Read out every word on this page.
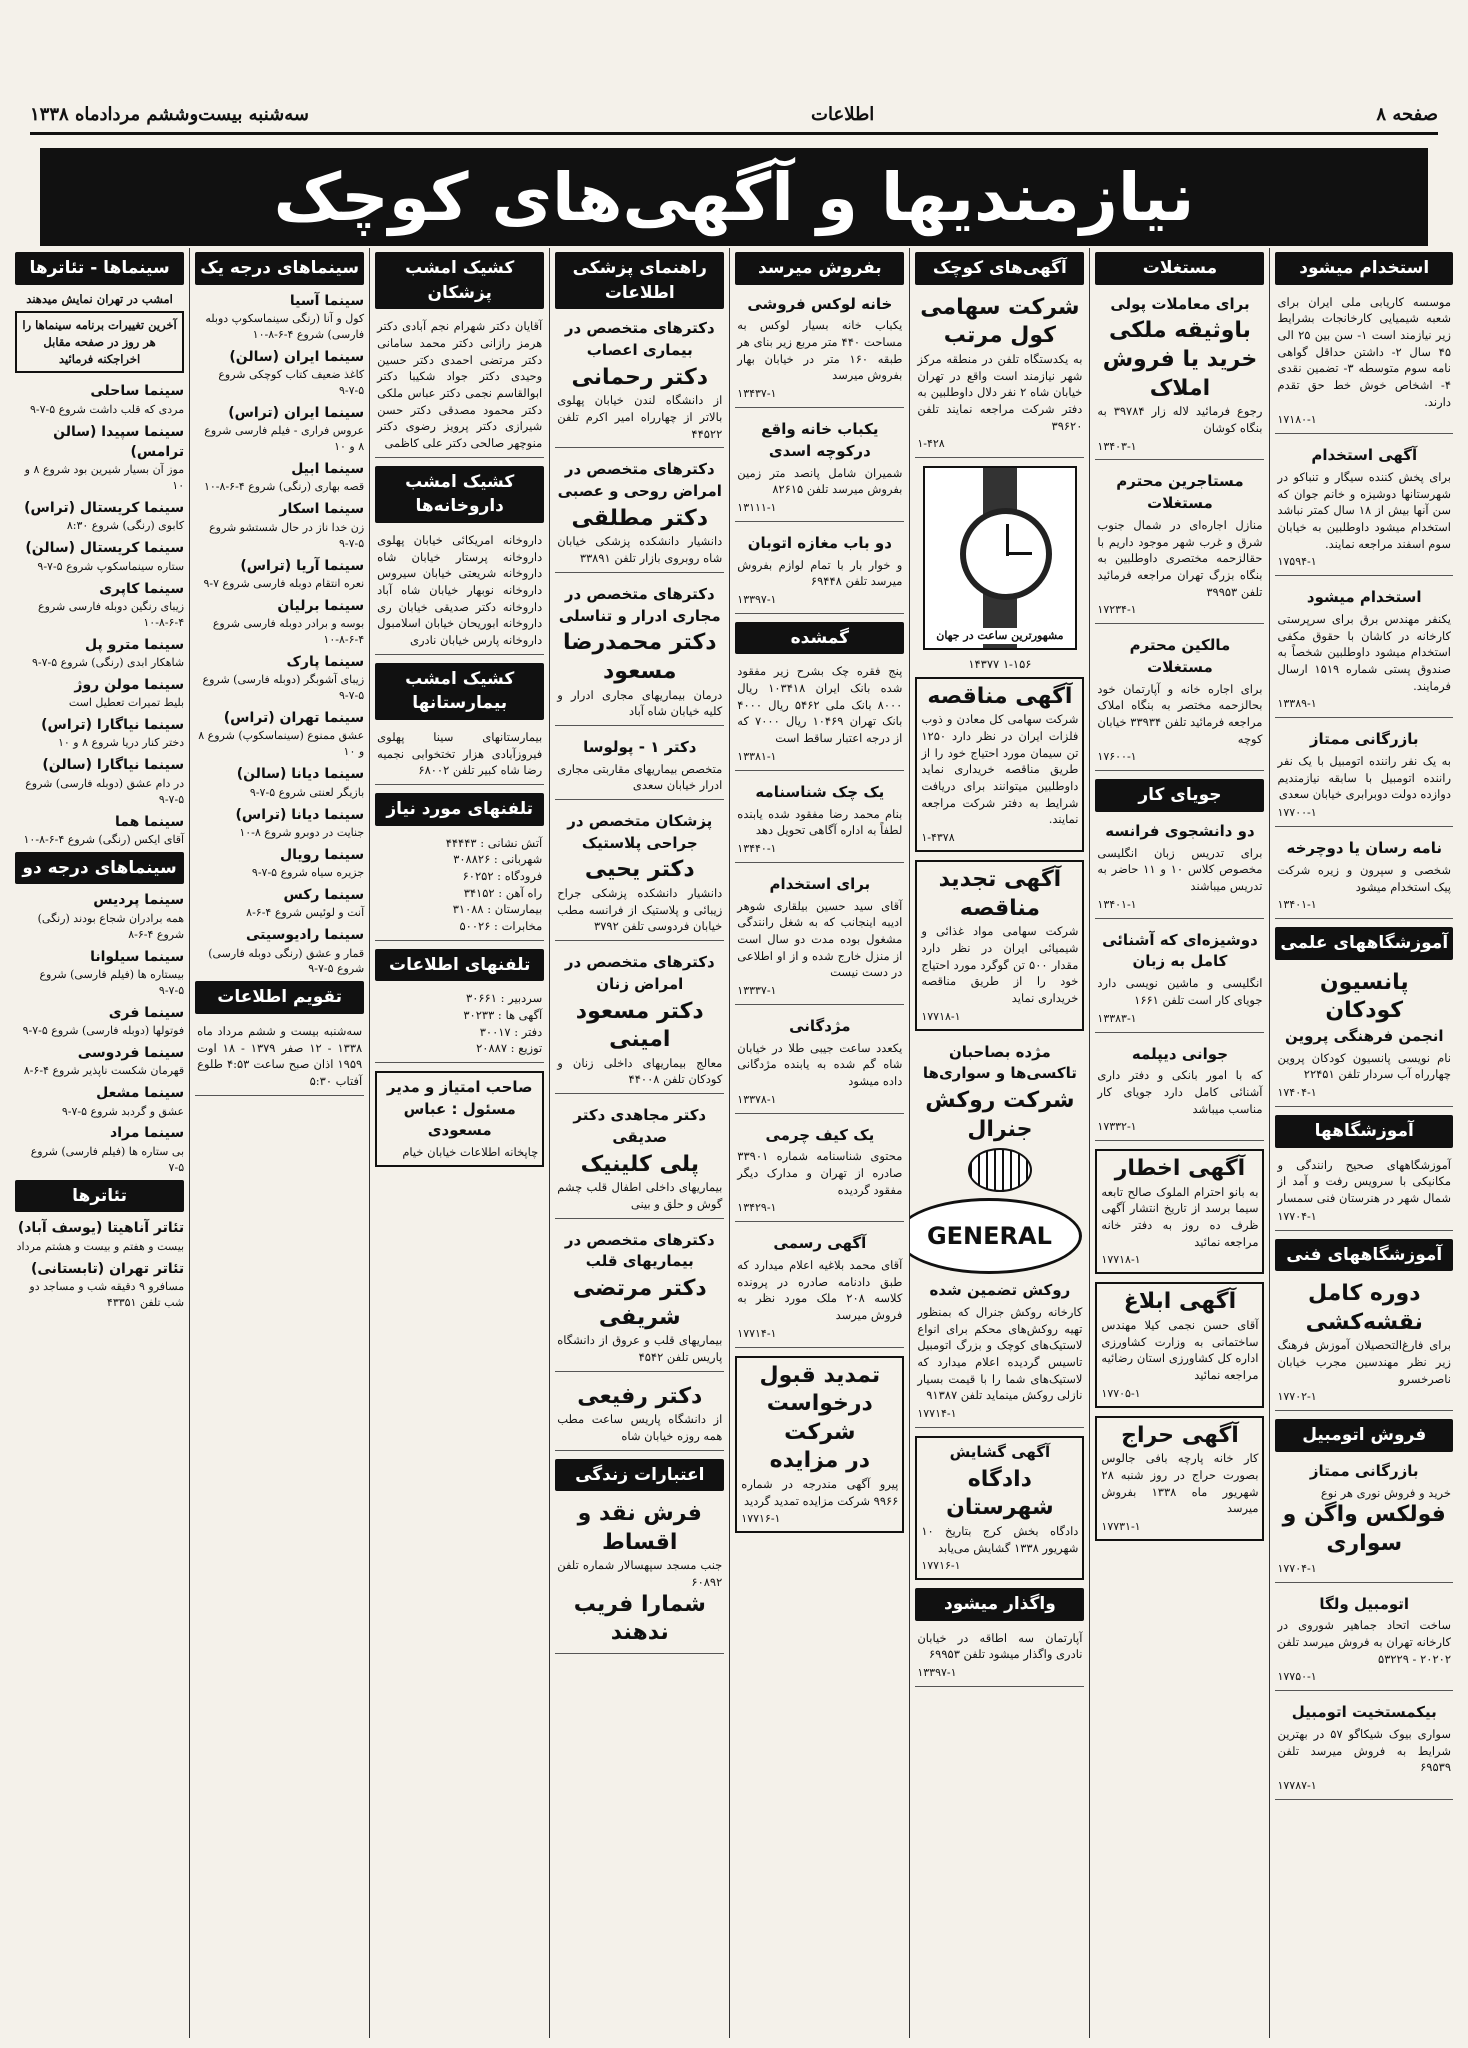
صفحه ۸
اطلاعات
سه‌شنبه بیست‌وششم مردادماه ۱۳۳۸
نیازمندیها و آگهی‌های کوچک
استخدام میشود
موسسه کاریابی ملی ایران برای شعبه شیمیایی کارخانجات بشرایط زیر نیازمند است ۱- سن بین ۲۵ الی ۴۵ سال ۲- داشتن حداقل گواهی نامه سوم متوسطه ۳- تضمین نقدی ۴- اشخاص خوش خط حق تقدم دارند.
۱۷۱۸۰-۱
آگهی استخدام
برای پخش کننده سیگار و تنباکو در شهرستانها دوشیزه و خانم جوان که سن آنها بیش از ۱۸ سال کمتر نباشد استخدام میشود داوطلبین به خیابان سوم اسفند مراجعه نمایند.
۱۷۵۹۴-۱
استخدام میشود
یکنفر مهندس برق برای سرپرستی کارخانه در کاشان با حقوق مکفی استخدام میشود داوطلبین شخصاً به صندوق پستی شماره ۱۵۱۹ ارسال فرمایند.
۱۳۳۸۹-۱
بازرگانی ممتاز
به یک نفر راننده اتومبیل با یک نفر راننده اتومبیل با سابقه نیازمندیم دوازده دولت دوبرابری خیابان سعدی
۱۷۷۰۰-۱
نامه رسان یا دوچرخه
شخصی و سپرون و زیره شرکت پیک استخدام میشود
۱۳۴۰۱-۱
آموزشگاههای علمی
پانسیون کودکان
انجمن فرهنگی پروین
نام نویسی پانسیون کودکان پروین چهارراه آب سردار تلفن ۲۲۴۵۱
۱۷۴۰۴-۱
آموزشگاهها
آموزشگاههای صحیح رانندگی و مکانیکی با سرویس رفت و آمد از شمال شهر در هنرستان فنی سمسار
۱۷۷۰۴-۱
آموزشگاههای فنی
دوره کامل نقشه‌کشی
برای فارغ‌التحصیلان آموزش فرهنگ زیر نظر مهندسین مجرب خیابان ناصرخسرو
۱۷۷۰۲-۱
فروش اتومبیل
بازرگانی ممتاز
خرید و فروش نوری هر نوع
فولکس واگن و سواری
۱۷۷۰۴-۱
اتومبیل ولگا
ساخت اتحاد جماهیر شوروی در کارخانه تهران به فروش میرسد تلفن ۲۰۲۰۲ - ۵۳۲۲۹
۱۷۷۵۰-۱
بیکمستخیت اتومبیل
سواری بیوک شیکاگو ۵۷ در بهترین شرایط به فروش میرسد تلفن ۶۹۵۳۹
۱۷۷۸۷-۱
مستغلات
برای معاملات پولی
باوثیقه ملکی خرید یا فروش املاک
رجوع فرمائید لاله زار ۳۹۷۸۴ به بنگاه کوشان
۱۳۴۰۳-۱
مستاجرین محترم مستغلات
منازل اجاره‌ای در شمال جنوب شرق و غرب شهر موجود داریم با حقالزحمه مختصری داوطلبین به بنگاه بزرگ تهران مراجعه فرمائید تلفن ۳۹۹۵۳
۱۷۲۳۴-۱
مالکین محترم مستغلات
برای اجاره خانه و آپارتمان خود بحالزحمه مختصر به بنگاه املاک مراجعه فرمائید تلفن ۳۳۹۳۴ خیابان کوچه
۱۷۶۰۰-۱
جویای کار
دو دانشجوی فرانسه
برای تدریس زبان انگلیسی مخصوص کلاس ۱۰ و ۱۱ حاضر به تدریس میباشند
۱۳۴۰۱-۱
دوشیزه‌ای که آشنائی کامل به زبان
انگلیسی و ماشین نویسی دارد جویای کار است تلفن ۱۶۶۱
۱۳۳۸۳-۱
جوانی دیپلمه
که با امور بانکی و دفتر داری آشنائی کامل دارد جویای کار مناسب میباشد
۱۷۳۳۲-۱
آگهی اخطار
به بانو احترام الملوک صالح تابعه سیما برسد از تاریخ انتشار آگهی ظرف ده روز به دفتر خانه مراجعه نمائید
۱۷۷۱۸-۱
آگهی ابلاغ
آقای حسن نجمی کیلا مهندس ساختمانی به وزارت کشاورزی اداره کل کشاورزی استان رضائیه مراجعه نمائید
۱۷۷۰۵-۱
آگهی حراج
کار خانه پارچه بافی جالوس بصورت حراج در روز شنبه ۲۸ شهریور ماه ۱۳۳۸ بفروش میرسد
۱۷۷۳۱-۱
آگهی‌های کوچک
شرکت سهامی کول مرتب
به یکدستگاه تلفن در منطقه مرکز شهر نیازمند است واقع در تهران خیابان شاه ۲ نفر دلال داوطلبین به دفتر شرکت مراجعه نمایند تلفن ۳۹۶۲۰
۱-۴۲۸
مشهورترین ساعت در جهان
۱-۱۵۶ ۱۴۳۷۷
آگهی مناقصه
شرکت سهامی کل معادن و ذوب فلزات ایران در نظر دارد ۱۲۵۰ تن سیمان مورد احتیاج خود را از طریق مناقصه خریداری نماید داوطلبین میتوانند برای دریافت شرایط به دفتر شرکت مراجعه نمایند.
۱-۴۳۷۸
آگهی تجدید مناقصه
شرکت سهامی مواد غذائی و شیمیائی ایران در نظر دارد مقدار ۵۰۰ تن گوگرد مورد احتیاج خود را از طریق مناقصه خریداری نماید
۱۷۷۱۸-۱
مژده بصاحبان تاکسی‌ها و سواری‌ها
شرکت روکش جنرال
GENERAL
روکش تضمین شده
کارخانه روکش جنرال که بمنظور تهیه روکش‌های محکم برای انواع لاستیک‌های کوچک و بزرگ اتومبیل تاسیس گردیده اعلام میدارد که لاستیک‌های شما را با قیمت بسیار نازلی روکش مینماید تلفن ۹۱۳۸۷
۱۷۷۱۴-۱
آگهی گشایش
دادگاه شهرستان
دادگاه بخش کرج بتاریخ ۱۰ شهریور ۱۳۳۸ گشایش می‌یابد
۱۷۷۱۶-۱
واگذار میشود
آپارتمان سه اطاقه در خیابان نادری واگذار میشود تلفن ۶۹۹۵۳
۱۳۳۹۷-۱
بفروش میرسد
خانه لوکس فروشی
یکباب خانه بسیار لوکس به مساحت ۴۴۰ متر مربع زیر بنای هر طبقه ۱۶۰ متر در خیابان بهار بفروش میرسد
۱۳۴۳۷-۱
یکباب خانه واقع درکوچه اسدی
شمیران شامل پانصد متر زمین بفروش میرسد تلفن ۸۲۶۱۵
۱۳۱۱۱-۱
دو باب مغازه اتوبان
و خوار بار با تمام لوازم بفروش میرسد تلفن ۶۹۴۴۸
۱۳۳۹۷-۱
گمشده
پنج فقره چک بشرح زیر مفقود شده بانک ایران ۱۰۳۴۱۸ ریال ۸۰۰۰ بانک ملی ۵۴۶۲ ریال ۴۰۰۰ بانک تهران ۱۰۴۶۹ ریال ۷۰۰۰ که از درجه اعتبار ساقط است
۱۳۳۸۱-۱
یک چک شناسنامه
بنام محمد رضا مفقود شده یابنده لطفاً به اداره آگاهی تحویل دهد
۱۳۴۴۰-۱
برای استخدام
آقای سید حسین بیلقاری شوهر ادیبه اینجانب که به شغل رانندگی مشغول بوده مدت دو سال است از منزل خارج شده و از او اطلاعی در دست نیست
۱۳۳۳۷-۱
مژدگانی
یکعدد ساعت جیبی طلا در خیابان شاه گم شده به یابنده مژدگانی داده میشود
۱۳۳۷۸-۱
یک کیف چرمی
محتوی شناسنامه شماره ۳۳۹۰۱ صادره از تهران و مدارک دیگر مفقود گردیده
۱۳۴۲۹-۱
آگهی رسمی
آقای محمد بلاغیه اعلام میدارد که طبق دادنامه صادره در پرونده کلاسه ۲۰۸ ملک مورد نظر به فروش میرسد
۱۷۷۱۴-۱
تمدید قبول درخواست شرکت
در مزایده
پیرو آگهی مندرجه در شماره ۹۹۶۶ شرکت مزایده تمدید گردید
۱۷۷۱۶-۱
راهنمای پزشکی اطلاعات
دکترهای متخصص در بیماری اعصاب
دکتر رحمانی
از دانشگاه لندن خیابان پهلوی بالاتر از چهارراه امیر اکرم تلفن ۴۴۵۲۲
دکترهای متخصص در امراض روحی و عصبی
دکتر مطلقی
دانشیار دانشکده پزشکی خیابان شاه روبروی بازار تلفن ۳۳۸۹۱
دکترهای متخصص در مجاری ادرار و تناسلی
دکتر محمدرضا مسعود
درمان بیماریهای مجاری ادرار و کلیه خیابان شاه آباد
دکتر ۱ - پولوسا
متخصص بیماریهای مقاربتی مجاری ادرار خیابان سعدی
پزشکان متخصص در جراحی پلاستیک
دکتر یحیی
دانشیار دانشکده پزشکی جراح زیبائی و پلاستیک از فرانسه مطب خیابان فردوسی تلفن ۳۷۹۲
دکترهای متخصص در امراض زنان
دکتر مسعود امینی
معالج بیماریهای داخلی زنان و کودکان تلفن ۴۴۰۰۸
دکتر مجاهدی دکتر صدیقی
پلی کلینیک
بیماریهای داخلی اطفال قلب چشم گوش و حلق و بینی
دکترهای متخصص در بیماریهای قلب
دکتر مرتضی شریفی
بیماریهای قلب و عروق از دانشگاه پاریس تلفن ۴۵۴۲
دکتر رفیعی
از دانشگاه پاریس ساعت مطب همه روزه خیابان شاه
اعتبارات زندگی
فرش نقد و اقساط
جنب مسجد سپهسالار شماره تلفن ۶۰۸۹۲
شمارا فریب ندهند
کشیک امشب پزشکان
آقایان دکتر شهرام نجم آبادی دکتر هرمز رازانی دکتر محمد سامانی دکتر مرتضی احمدی دکتر حسین وحیدی دکتر جواد شکیبا دکتر ابوالقاسم نجمی دکتر عباس ملکی دکتر محمود مصدقی دکتر حسن شیرازی دکتر پرویز رضوی دکتر منوچهر صالحی دکتر علی کاظمی
کشیک امشب داروخانه‌ها
داروخانه امریکائی خیابان پهلوی داروخانه پرستار خیابان شاه داروخانه شریعتی خیابان سیروس داروخانه نوبهار خیابان شاه آباد داروخانه دکتر صدیقی خیابان ری داروخانه ابوریحان خیابان اسلامبول داروخانه پارس خیابان نادری
کشیک امشب بیمارستانها
بیمارستانهای سینا پهلوی فیروزآبادی هزار تختخوابی نجمیه رضا شاه کبیر تلفن ۶۸۰۰۲
تلفنهای مورد نیاز
آتش نشانی : ۴۴۴۴۳
شهربانی : ۳۰۸۸۲۶
فرودگاه : ۶۰۲۵۲
راه آهن : ۳۴۱۵۲
بیمارستان : ۳۱۰۸۸
مخابرات : ۵۰۰۲۶
تلفنهای اطلاعات
سردبیر : ۳۰۶۶۱
آگهی ها : ۳۰۲۳۳
دفتر : ۳۰۰۱۷
توزیع : ۲۰۸۸۷
صاحب امتیاز و مدیر مسئول : عباس مسعودی
چاپخانه اطلاعات خیابان خیام
سینماهای درجه یک
سینما آسیا
کول و آنا (رنگی سینماسکوپ دوبله فارسی) شروع ۴-۶-۸-۱۰
سینما ایران (سالن)
کاغذ ضعیف کتاب کوچکی شروع ۵-۷-۹
سینما ایران (تراس)
عروس فراری - فیلم فارسی شروع ۸ و ۱۰
سینما ابیل
قصه بهاری (رنگی) شروع ۴-۶-۸-۱۰
سینما اسکار
زن خدا ناز در حال شستشو شروع ۵-۷-۹
سینما آریا (تراس)
نعره انتقام دوبله فارسی شروع ۷-۹
سینما برلیان
بوسه و برادر دوبله فارسی شروع ۴-۶-۸-۱۰
سینما پارک
زیبای آشوبگر (دوبله فارسی) شروع ۵-۷-۹
سینما تهران (تراس)
عشق ممنوع (سینماسکوپ) شروع ۸ و ۱۰
سینما دیانا (سالن)
بازیگر لعنتی شروع ۵-۷-۹
سینما دیانا (تراس)
جنایت در دوبرو شروع ۸-۱۰
سینما رویال
جزیره سیاه شروع ۵-۷-۹
سینما رکس
آنت و لوئیس شروع ۴-۶-۸
سینما رادیوسیتی
قمار و عشق (رنگی دوبله فارسی) شروع ۵-۷-۹
تقویم اطلاعات
سه‌شنبه بیست و ششم مرداد ماه ۱۳۳۸ - ۱۲ صفر ۱۳۷۹ - ۱۸ اوت ۱۹۵۹ اذان صبح ساعت ۴:۵۳ طلوع آفتاب ۵:۳۰
سینماها - تئاترها
امشب در تهران نمایش میدهند
آخرین تغییرات برنامه سینماها را هر روز در صفحه مقابل اخراجکنه فرمائید
سینما ساحلی
مردی که قلب داشت شروع ۵-۷-۹
سینما سپیدا (سالن ترامس)
موز آن بسیار شیرین بود شروع ۸ و ۱۰
سینما کریستال (تراس)
کابوی (رنگی) شروع ۸:۳۰
سینما کریستال (سالن)
ستاره سینماسکوپ شروع ۵-۷-۹
سینما کاپری
زیبای رنگین دوبله فارسی شروع ۴-۶-۸-۱۰
سینما مترو پل
شاهکار ابدی (رنگی) شروع ۵-۷-۹
سینما مولن روژ
بلیط تمیرات تعطیل است
سینما نیاگارا (تراس)
دختر کنار دریا شروع ۸ و ۱۰
سینما نیاگارا (سالن)
در دام عشق (دوبله فارسی) شروع ۵-۷-۹
سینما هما
آقای ایکس (رنگی) شروع ۴-۶-۸-۱۰
سینماهای درجه دو
سینما پردیس
همه برادران شجاع بودند (رنگی) شروع ۴-۶-۸
سینما سیلوانا
بیستاره ها (فیلم فارسی) شروع ۵-۷-۹
سینما فری
فوتولها (دوبله فارسی) شروع ۵-۷-۹
سینما فردوسی
قهرمان شکست ناپذیر شروع ۴-۶-۸
سینما مشعل
عشق و گردبد شروع ۵-۷-۹
سینما مراد
بی ستاره ها (فیلم فارسی) شروع ۵-۷
تئاترها
تئاتر آناهیتا (یوسف آباد)
بیست و هفتم و بیست و هشتم مرداد
تئاتر تهران (تابستانی)
مسافرو ۹ دقیقه شب و مساجد دو شب تلفن ۴۳۳۵۱
